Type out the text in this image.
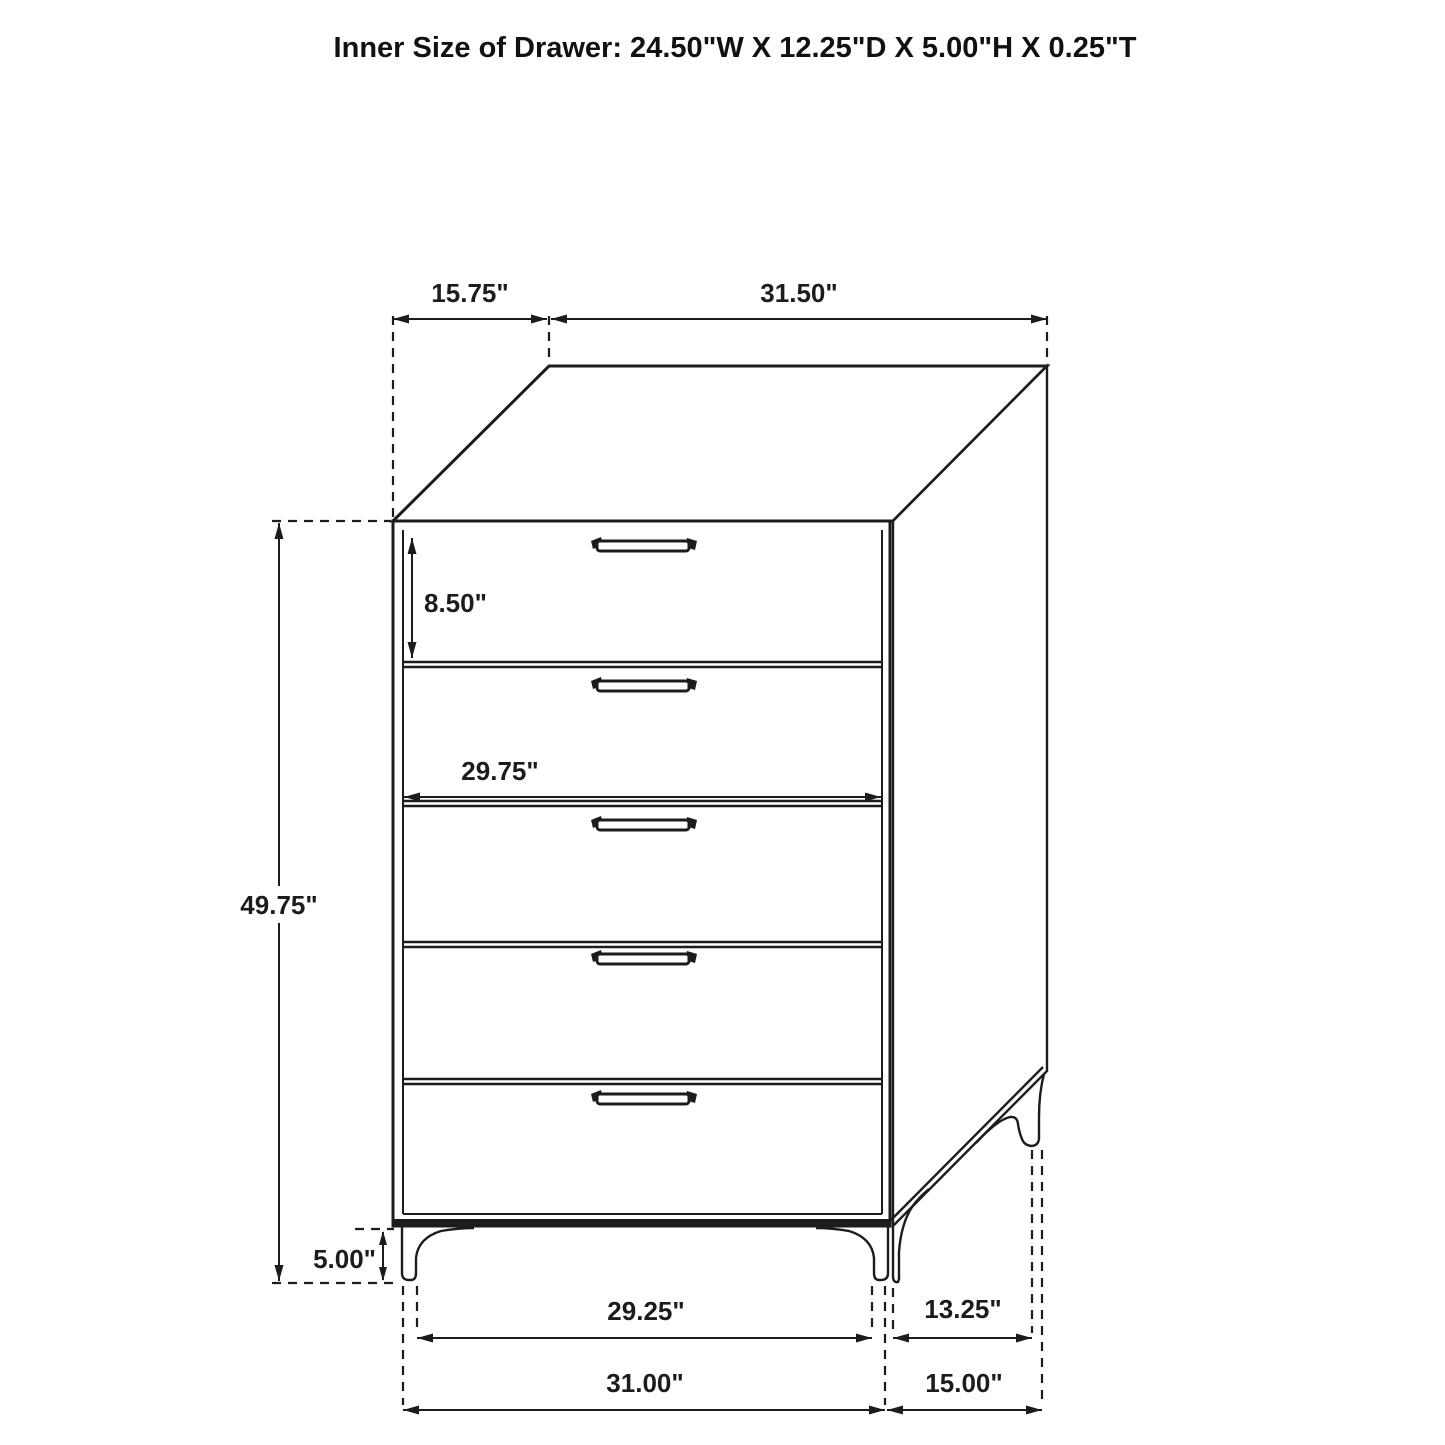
Inner Size of Drawer: 24.50"W X 12.25"D X 5.00"H X 0.25"T
15.75"	31.50"
49.75"
8.50"
29.75"
5.00"
29.25"	13.25"
31.00"	15.00"
